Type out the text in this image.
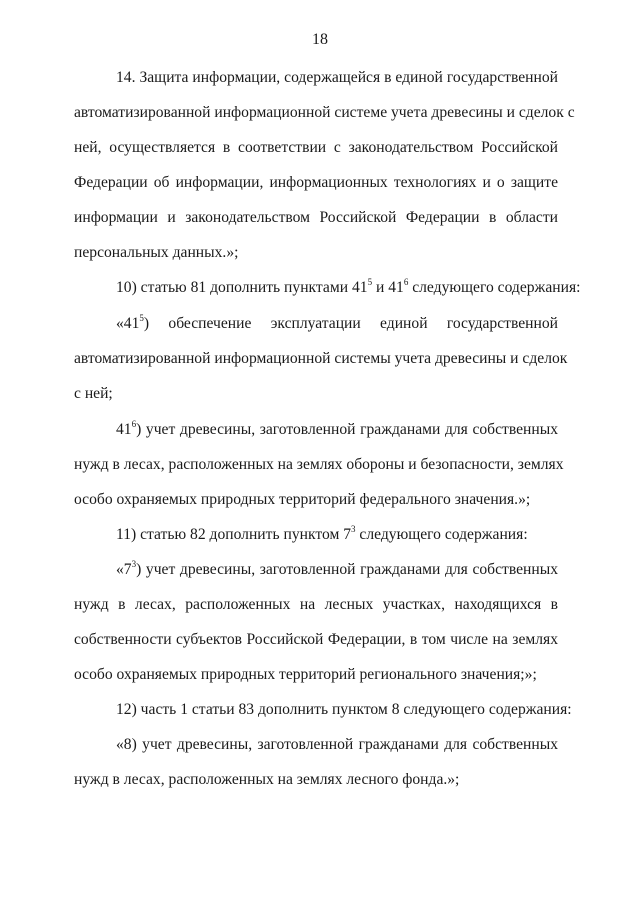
18
14. Защита информации, содержащейся в единой государственной
автоматизированной информационной системе учета древесины и сделок с
ней, осуществляется в соответствии с законодательством Российской
Федерации об информации, информационных технологиях и о защите
информации и законодательством Российской Федерации в области
персональных данных.»;
10) статью 81 дополнить пунктами $41^5$ и $41^6$ следующего содержания:
«$41^5$) обеспечение эксплуатации единой государственной
автоматизированной информационной системы учета древесины и сделок
с ней;
$41^6$) учет древесины, заготовленной гражданами для собственных
нужд в лесах, расположенных на землях обороны и безопасности, землях
особо охраняемых природных территорий федерального значения.»;
11) статью 82 дополнить пунктом $7^3$ следующего содержания:
«$7^3$) учет древесины, заготовленной гражданами для собственных
нужд в лесах, расположенных на лесных участках, находящихся в
собственности субъектов Российской Федерации, в том числе на землях
особо охраняемых природных территорий регионального значения;»;
12) часть 1 статьи 83 дополнить пунктом 8 следующего содержания:
«8) учет древесины, заготовленной гражданами для собственных
нужд в лесах, расположенных на землях лесного фонда.»;
